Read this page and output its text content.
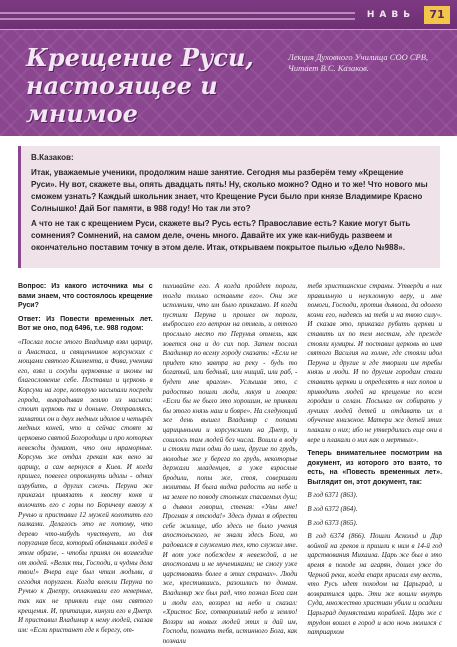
НАВЬ	71
Крещение Руси,
настоящее и мнимое
Лекция Духовного Училища СОО СРВ, Читает В.С. Казаков.

В.Казаков:

Итак, уважаемые ученики, продолжим наше занятие. Сегодня мы разберём тему «Крещение Руси». Ну вот, скажете вы, опять двадцать пять! Ну, сколько можно? Одно и то же! Что нового мы сможем узнать? Каждый школьник знает, что Крещение Руси было при князе Владимире Красно Солнышко! Дай Бог памяти, в 988 году! Но так ли это?

А что не так с крещением Руси, скажете вы? Русь есть? Православие есть? Какие могут быть сомнения? Сомнений, на самом деле, очень много. Давайте их уже как-нибудь развеем и окончательно поставим точку в этом деле. Итак, открываем покрытое пылью «Дело №988».

Вопрос: Из какого источника мы с вами знаем, что состоялось крещение Руси?

Ответ: Из Повести временных лет. Вот же оно, под 6496, т.е. 988 годом:

«Послал после этого Владимир взял царицу, и Анастаса, и священников корсунских с мощами святого Климента, и Фива, ученика его, взял и сосуды церковные и иконы на благословение себе. Поставил и церковь в Корсуни на горе, которую насыпали посреди города, выкрадывая землю из насыпи: стоит церковь та и доныне. Отправляясь, захватил он и двух медных идолов и четырёх медных коней, что и сейчас стоят за церковью святой Богородицы и про которых невежды думают, что они мраморные. Корсунь же отдал грекам как вено за царицу, а сам вернулся в Киев. И когда пришел, повелел опрокинуть идолы - одних изрубить, а других сжечь. Перуна же приказал привязать к хвосту коня и волочить его с горы по Боричеву взвозу к Ручью и приставил 12 мужей колотить его палками. Делалось это не потому, что дерево что-нибудь чувствует, но для поругания беса, который обманывал людей в этом образе, - чтобы принял он возмездие от людей. «Велик ты, Господи, и чудны дела твои!» Вчера еще был чтим людьми, а сегодня поругаем. Когда влекли Перуна по Ручью к Днепру, оплакивали его неверные, так как не приняли еще они святого крещения. И, притащив, кинули его в Днепр. И приставил Владимир к нему людей, сказав им: «Если пристанет где к берегу, от-

пихивайте его. А когда пройдет пороги, тогда только оставьте его». Они же исполнили, что им было приказано. И когда пустили Перуна и прошел он пороги, выбросило его ветром на отмель, и оттого прослыло место то Перунья отмель, как зовется она и до сих пор. Затем послал Владимир по всему городу сказать: «Если не придет кто завтра на реку - будь то богатый, или бедный, или нищий, или раб, - будет мне врагом». Услышав это, с радостью пошли люди, ликуя и говоря: «Если бы не было это хорошим, не приняли бы этого князь наш и бояре». На следующий же день вышел Владимир с попами царицыными и корсунскими на Днепр, и сошлось там людей без числа. Вошли в воду и стояли там одни до шеи, другие по грудь, молодые же у берега по грудь, некоторые держали младенцев, а уже взрослые бродили, попы же, стоя, совершали молитвы. И была видна радость на небе и на земле по поводу стольких спасаемых душ; а дьявол говорил, стеная: «Увы мне! Прогнан я отсюда!» Здесь думал я обрести себе жилище, ибо здесь не было учения апостольского, не знали здесь Бога, но радовался я служению тех, кто служил мне. И вот уже побежден я невеждой, а не апостолами и не мучениками; не смогу уже царствовать более в этих странах». Люди же, крестившись, разошлись по домам. Владимир же был рад, что познал Бога сам и люди его, воззрел на небо и сказал: «Христос Бог, сотворивший небо и землю! Воззри на новых людей этих и дай им, Господи, познать тебя, истинного Бога, как познали

тебя христианские страны. Утверди в них правильную и неуклонную веру, и мне помоги, Господи, против дьявола, да одолею козни его, надеясь на тебя и на твою силу». И сказав это, приказал рубить церкви и ставить их по тем местам, где прежде стояли кумиры. И поставил церковь во имя святого Василия на холме, где стояли идол Перуна и другие и где творили им требы князь и люди. И по другим городам стали ставить церкви и определять в них попов и приводить людей на крещение по всем городам и селам. Посылал он собирать у лучших людей детей и отдавать их в обучение книжное. Матери же детей этих плакали о них; ибо не утвердились еще они в вере и плакали о них как о мертвых».

Теперь внимательнее посмотрим на документ, из которого это взято, то есть, на «Повесть временных лет». Выглядит он, этот документ, так:

В год 6371 (863).

В год 6372 (864).

В год 6373 (865).

В год 6374 (866). Пошли Аскольд и Дир войной на греков и пришли к ним в 14-й год царствования Михаила. Царь же был в это время в походе на агарян, дошел уже до Черной реки, когда епарх прислал ему весть, что Русь идет походом на Царьград, и возвратился царь. Эти же вошли внутрь Суда, множество христиан убили и осадили Царьград двумястами кораблей. Царь же с трудом вошел в город и всю ночь молился с патриархом
